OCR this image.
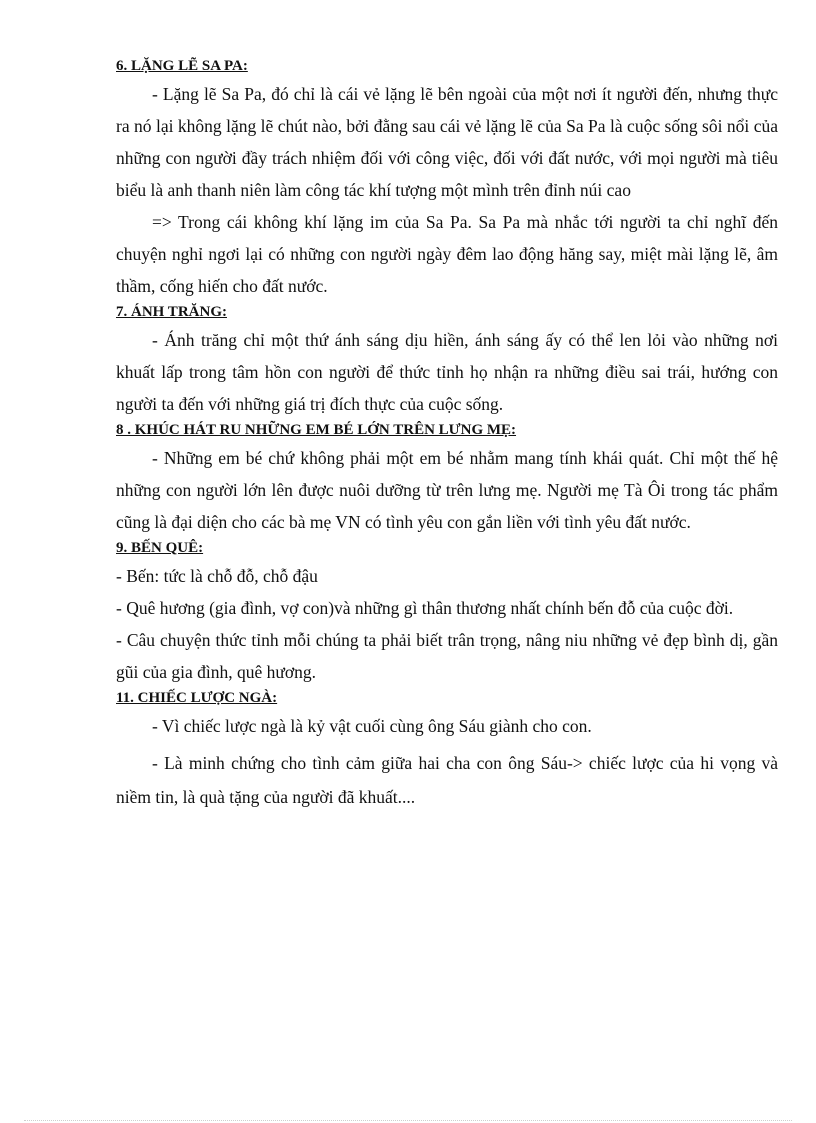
6. LẶNG LẼ SA PA:

- Lặng lẽ Sa Pa, đó chỉ là cái vẻ lặng lẽ bên ngoài của một nơi ít người đến, nhưng thực ra nó lại không lặng lẽ chút nào, bởi đằng sau cái vẻ lặng lẽ của Sa Pa là cuộc sống sôi nổi của những con người đầy trách nhiệm đối với công việc, đối với đất nước, với mọi người mà tiêu biểu là anh thanh niên làm công tác khí tượng một mình trên đỉnh núi cao

=> Trong cái không khí lặng im của Sa Pa. Sa Pa mà nhắc tới người ta chỉ nghĩ đến chuyện nghỉ ngơi lại có những con người ngày đêm lao động hăng say, miệt mài lặng lẽ, âm thầm, cống hiến cho đất nước.

7. ÁNH TRĂNG:

- Ánh trăng chỉ một thứ ánh sáng dịu hiền, ánh sáng ấy có thể len lỏi vào những nơi khuất lấp trong tâm hồn con người để thức tỉnh họ nhận ra những điều sai trái, hướng con người ta đến với những giá trị đích thực của cuộc sống.

8 . KHÚC HÁT RU NHỮNG EM BÉ LỚN TRÊN LƯNG MẸ:

- Những em bé chứ không phải một em bé nhằm mang tính khái quát. Chỉ một thế hệ những con người lớn lên được nuôi dưỡng từ trên lưng mẹ. Người mẹ Tà Ôi trong tác phẩm cũng là đại diện cho các bà mẹ VN có tình yêu con gắn liền với tình yêu đất nước.

9. BẾN QUÊ:

- Bến: tức là chỗ đỗ, chỗ đậu

- Quê hương (gia đình, vợ con)và những gì thân thương nhất chính bến đỗ của cuộc đời.

- Câu chuyện thức tỉnh mỗi chúng ta phải biết trân trọng, nâng niu những vẻ đẹp bình dị, gần gũi của gia đình, quê hương.

11. CHIẾC LƯỢC NGÀ:

- Vì chiếc lược ngà là kỷ vật cuối cùng ông Sáu giành cho con.

- Là minh chứng cho tình cảm giữa hai cha con ông Sáu-> chiếc lược của hi vọng và niềm tin, là quà tặng của người đã khuất....
